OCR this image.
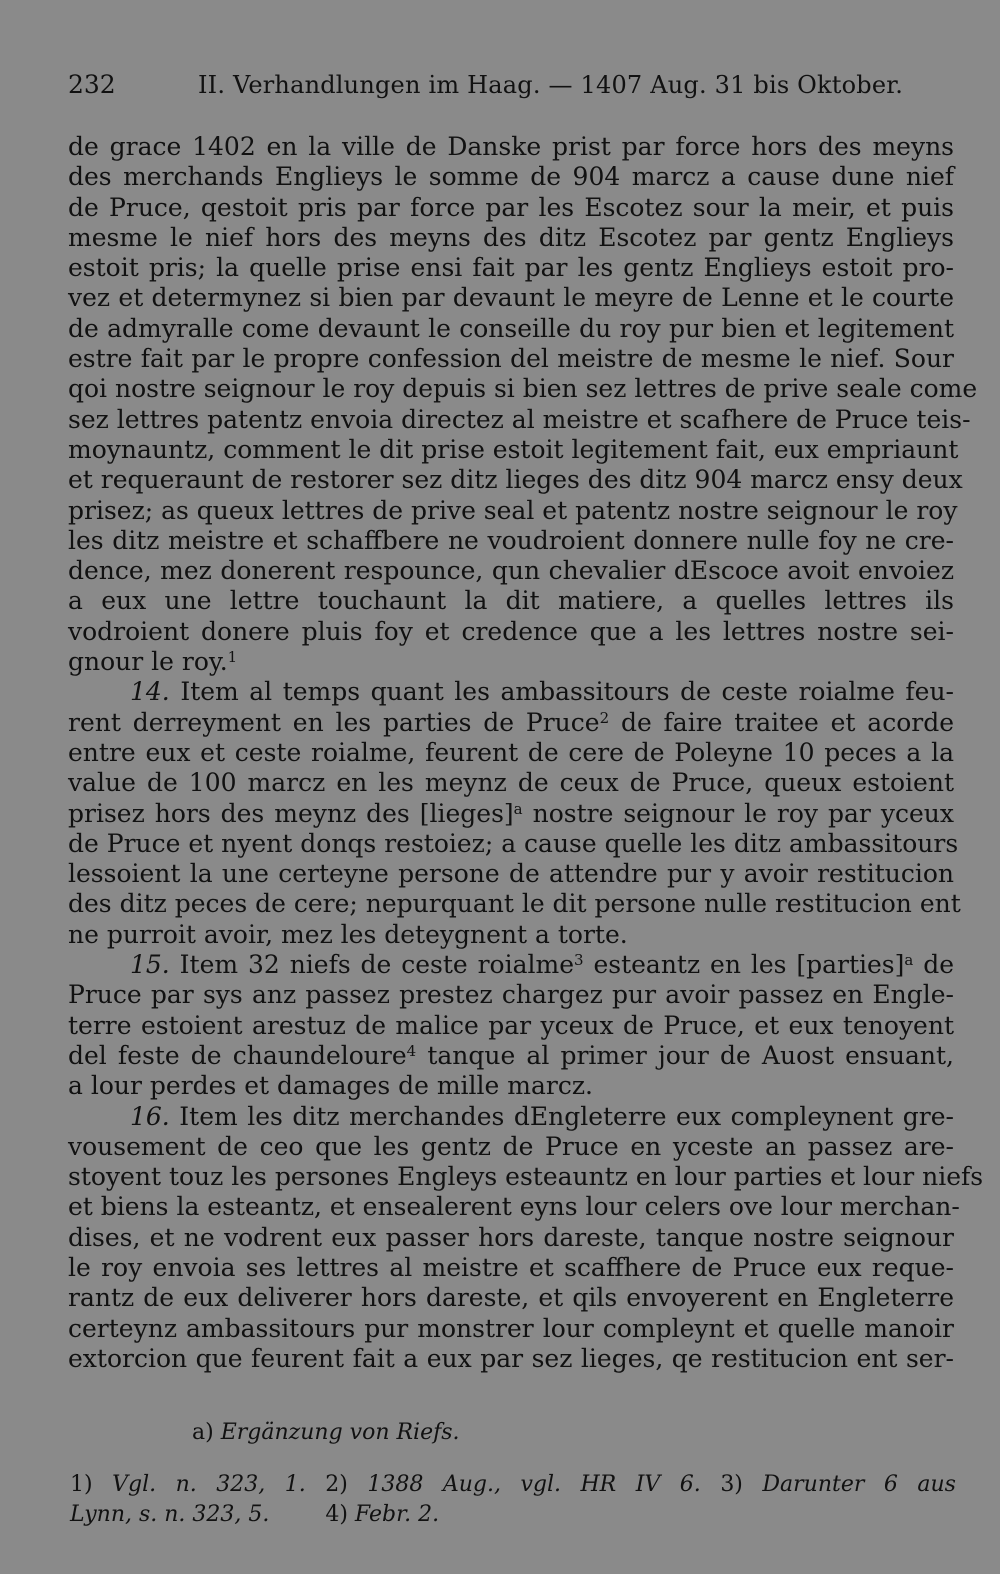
232	II. Verhandlungen im Haag. — 1407 Aug. 31 bis Oktober.
de grace 1402 en la ville de Danske prist par force hors des meyns
des merchands Englieys le somme de 904 marcz a cause dune nief
de Pruce, qestoit pris par force par les Escotez sour la meir, et puis
mesme le nief hors des meyns des ditz Escotez par gentz Englieys
estoit pris; la quelle prise ensi fait par les gentz Englieys estoit pro-
vez et determynez si bien par devaunt le meyre de Lenne et le courte
de admyralle come devaunt le conseille du roy pur bien et legitement
estre fait par le propre confession del meistre de mesme le nief. Sour
qoi nostre seignour le roy depuis si bien sez lettres de prive seale come
sez lettres patentz envoia directez al meistre et scafhere de Pruce teis-
moynauntz, comment le dit prise estoit legitement fait, eux empriaunt
et requeraunt de restorer sez ditz lieges des ditz 904 marcz ensy deux
prisez; as queux lettres de prive seal et patentz nostre seignour le roy
les ditz meistre et schaffbere ne voudroient donnere nulle foy ne cre-
dence, mez donerent respounce, qun chevalier dEscoce avoit envoiez
a eux une lettre touchaunt la dit matiere, a quelles lettres ils
vodroient donere pluis foy et credence que a les lettres nostre sei-
gnour le roy.$^1$
14. Item al temps quant les ambassitours de ceste roialme feu-
rent derreyment en les parties de Pruce$^2$ de faire traitee et acorde
entre eux et ceste roialme, feurent de cere de Poleyne 10 peces a la
value de 100 marcz en les meynz de ceux de Pruce, queux estoient
prisez hors des meynz des [lieges]$^a$ nostre seignour le roy par yceux
de Pruce et nyent donqs restoiez; a cause quelle les ditz ambassitours
lessoient la une certeyne persone de attendre pur y avoir restitucion
des ditz peces de cere; nepurquant le dit persone nulle restitucion ent
ne purroit avoir, mez les deteygnent a torte.
15. Item 32 niefs de ceste roialme$^3$ esteantz en les [parties]$^a$ de
Pruce par sys anz passez prestez chargez pur avoir passez en Engle-
terre estoient arestuz de malice par yceux de Pruce, et eux tenoyent
del feste de chaundeloure$^4$ tanque al primer jour de Auost ensuant,
a lour perdes et damages de mille marcz.
16. Item les ditz merchandes dEngleterre eux compleynent gre-
vousement de ceo que les gentz de Pruce en yceste an passez are-
stoyent touz les persones Engleys esteauntz en lour parties et lour niefs
et biens la esteantz, et ensealerent eyns lour celers ove lour merchan-
dises, et ne vodrent eux passer hors dareste, tanque nostre seignour
le roy envoia ses lettres al meistre et scaffhere de Pruce eux reque-
rantz de eux deliverer hors dareste, et qils envoyerent en Engleterre
certeynz ambassitours pur monstrer lour compleynt et quelle manoir
extorcion que feurent fait a eux par sez lieges, qe restitucion ent ser-
a) Ergänzung von Riefs.
1) Vgl. n. 323, 1. 2) 1388 Aug., vgl. HR IV 6. 3) Darunter 6 aus
Lynn, s. n. 323, 5.	4) Febr. 2.
